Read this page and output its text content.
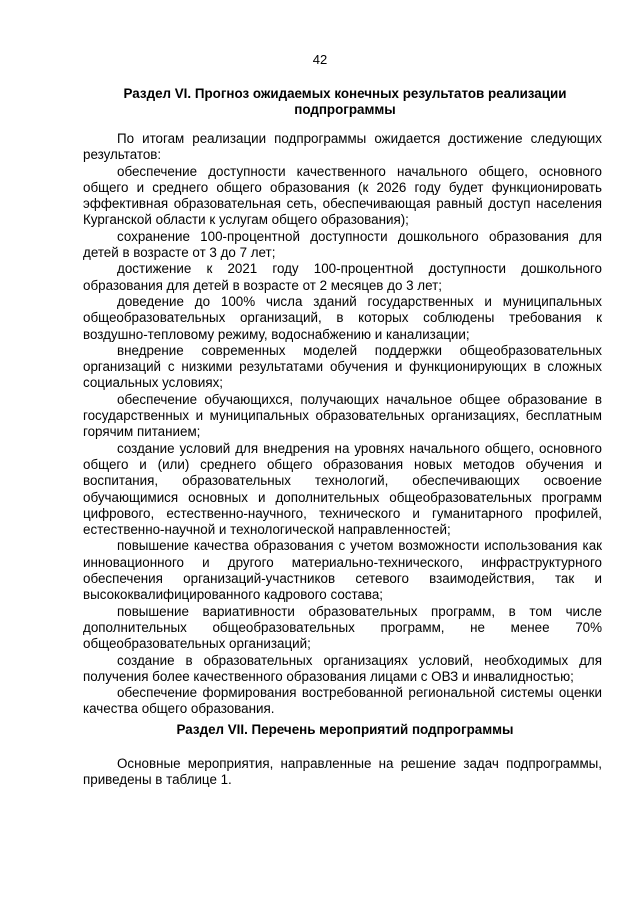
42
Раздел VI. Прогноз ожидаемых конечных результатов реализации подпрограммы

По итогам реализации подпрограммы ожидается достижение следующих результатов:

обеспечение доступности качественного начального общего, основного общего и среднего общего образования (к 2026 году будет функционировать эффективная образовательная сеть, обеспечивающая равный доступ населения Курганской области к услугам общего образования);

сохранение 100-процентной доступности дошкольного образования для детей в возрасте от 3 до 7 лет;

достижение к 2021 году 100-процентной доступности дошкольного образования для детей в возрасте от 2 месяцев до 3 лет;

доведение до 100% числа зданий государственных и муниципальных общеобразовательных организаций, в которых соблюдены требования к воздушно-тепловому режиму, водоснабжению и канализации;

внедрение современных моделей поддержки общеобразовательных организаций с низкими результатами обучения и функционирующих в сложных социальных условиях;

обеспечение обучающихся, получающих начальное общее образование в государственных и муниципальных образовательных организациях, бесплатным горячим питанием;

создание условий для внедрения на уровнях начального общего, основного общего и (или) среднего общего образования новых методов обучения и воспитания, образовательных технологий, обеспечивающих освоение обучающимися основных и дополнительных общеобразовательных программ цифрового, естественно-научного, технического и гуманитарного профилей, естественно-научной и технологической направленностей;

повышение качества образования с учетом возможности использования как инновационного и другого материально-технического, инфраструктурного обеспечения организаций-участников сетевого взаимодействия, так и высококвалифицированного кадрового состава;

повышение вариативности образовательных программ, в том числе дополнительных общеобразовательных программ, не менее 70% общеобразовательных организаций;

создание в образовательных организациях условий, необходимых для получения более качественного образования лицами с ОВЗ и инвалидностью;

обеспечение формирования востребованной региональной системы оценки качества общего образования.

Раздел VII. Перечень мероприятий подпрограммы

Основные мероприятия, направленные на решение задач подпрограммы, приведены в таблице 1.
